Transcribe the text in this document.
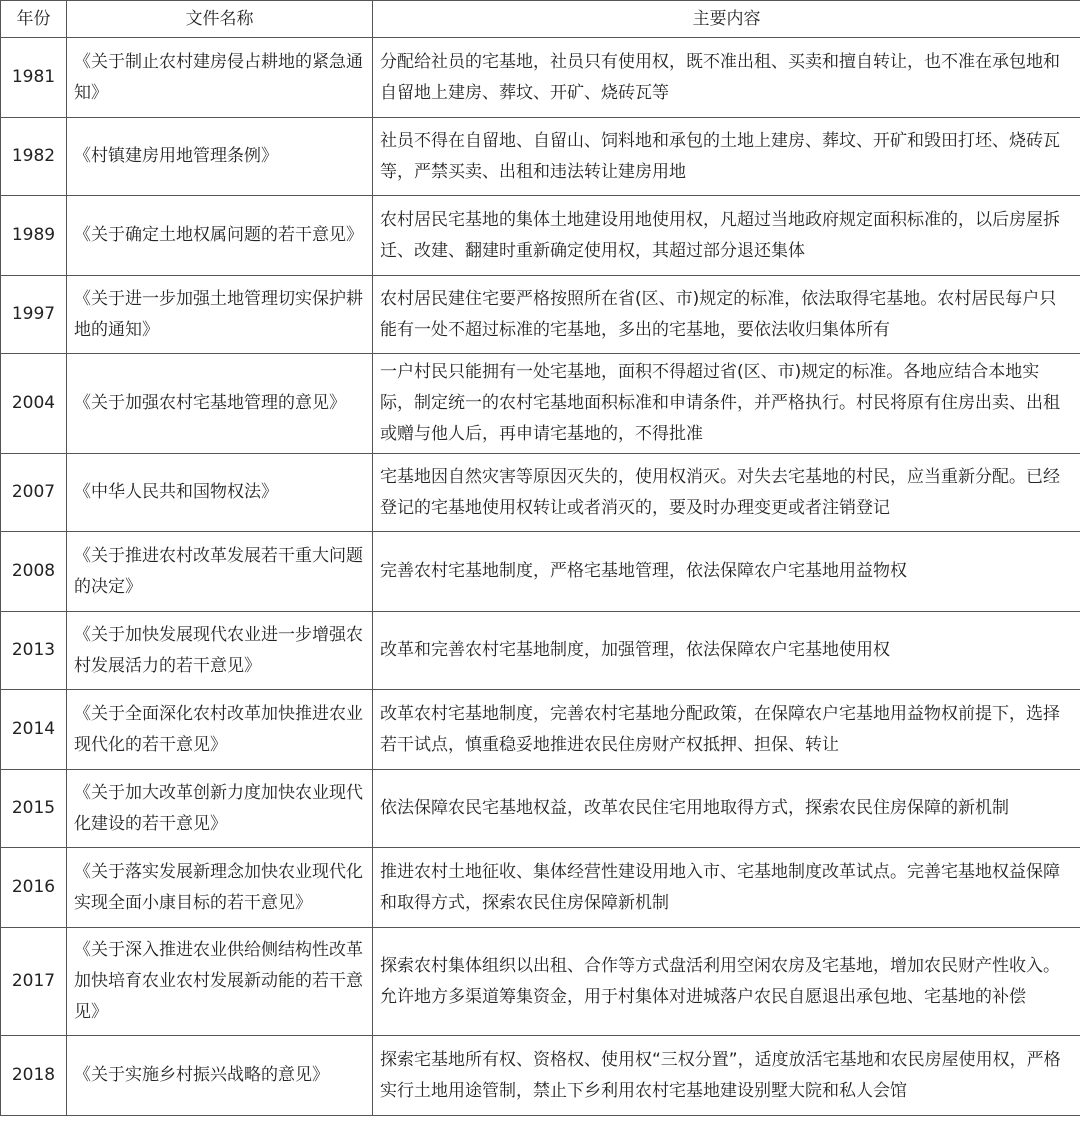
年份	文件名称	主要内容
1981	《关于制止农村建房侵占耕地的紧急通知》	分配给社员的宅基地，社员只有使用权，既不准出租、买卖和擅自转让，也不准在承包地和自留地上建房、葬坟、开矿、烧砖瓦等
1982	《村镇建房用地管理条例》	社员不得在自留地、自留山、饲料地和承包的土地上建房、葬坟、开矿和毁田打坯、烧砖瓦等，严禁买卖、出租和违法转让建房用地
1989	《关于确定土地权属问题的若干意见》	农村居民宅基地的集体土地建设用地使用权，凡超过当地政府规定面积标准的，以后房屋拆迁、改建、翻建时重新确定使用权，其超过部分退还集体
1997	《关于进一步加强土地管理切实保护耕地的通知》	农村居民建住宅要严格按照所在省(区、市)规定的标准，依法取得宅基地。农村居民每户只能有一处不超过标准的宅基地，多出的宅基地，要依法收归集体所有
2004	《关于加强农村宅基地管理的意见》	一户村民只能拥有一处宅基地，面积不得超过省(区、市)规定的标准。各地应结合本地实际，制定统一的农村宅基地面积标准和申请条件，并严格执行。村民将原有住房出卖、出租或赠与他人后，再申请宅基地的，不得批准
2007	《中华人民共和国物权法》	宅基地因自然灾害等原因灭失的，使用权消灭。对失去宅基地的村民，应当重新分配。已经登记的宅基地使用权转让或者消灭的，要及时办理变更或者注销登记
2008	《关于推进农村改革发展若干重大问题的决定》	完善农村宅基地制度，严格宅基地管理，依法保障农户宅基地用益物权
2013	《关于加快发展现代农业进一步增强农村发展活力的若干意见》	改革和完善农村宅基地制度，加强管理，依法保障农户宅基地使用权
2014	《关于全面深化农村改革加快推进农业现代化的若干意见》	改革农村宅基地制度，完善农村宅基地分配政策，在保障农户宅基地用益物权前提下，选择若干试点，慎重稳妥地推进农民住房财产权抵押、担保、转让
2015	《关于加大改革创新力度加快农业现代化建设的若干意见》	依法保障农民宅基地权益，改革农民住宅用地取得方式，探索农民住房保障的新机制
2016	《关于落实发展新理念加快农业现代化实现全面小康目标的若干意见》	推进农村土地征收、集体经营性建设用地入市、宅基地制度改革试点。完善宅基地权益保障和取得方式，探索农民住房保障新机制
2017	《关于深入推进农业供给侧结构性改革加快培育农业农村发展新动能的若干意见》	探索农村集体组织以出租、合作等方式盘活利用空闲农房及宅基地，增加农民财产性收入。允许地方多渠道筹集资金，用于村集体对进城落户农民自愿退出承包地、宅基地的补偿
2018	《关于实施乡村振兴战略的意见》	探索宅基地所有权、资格权、使用权“三权分置”，适度放活宅基地和农民房屋使用权，严格实行土地用途管制，禁止下乡利用农村宅基地建设别墅大院和私人会馆
